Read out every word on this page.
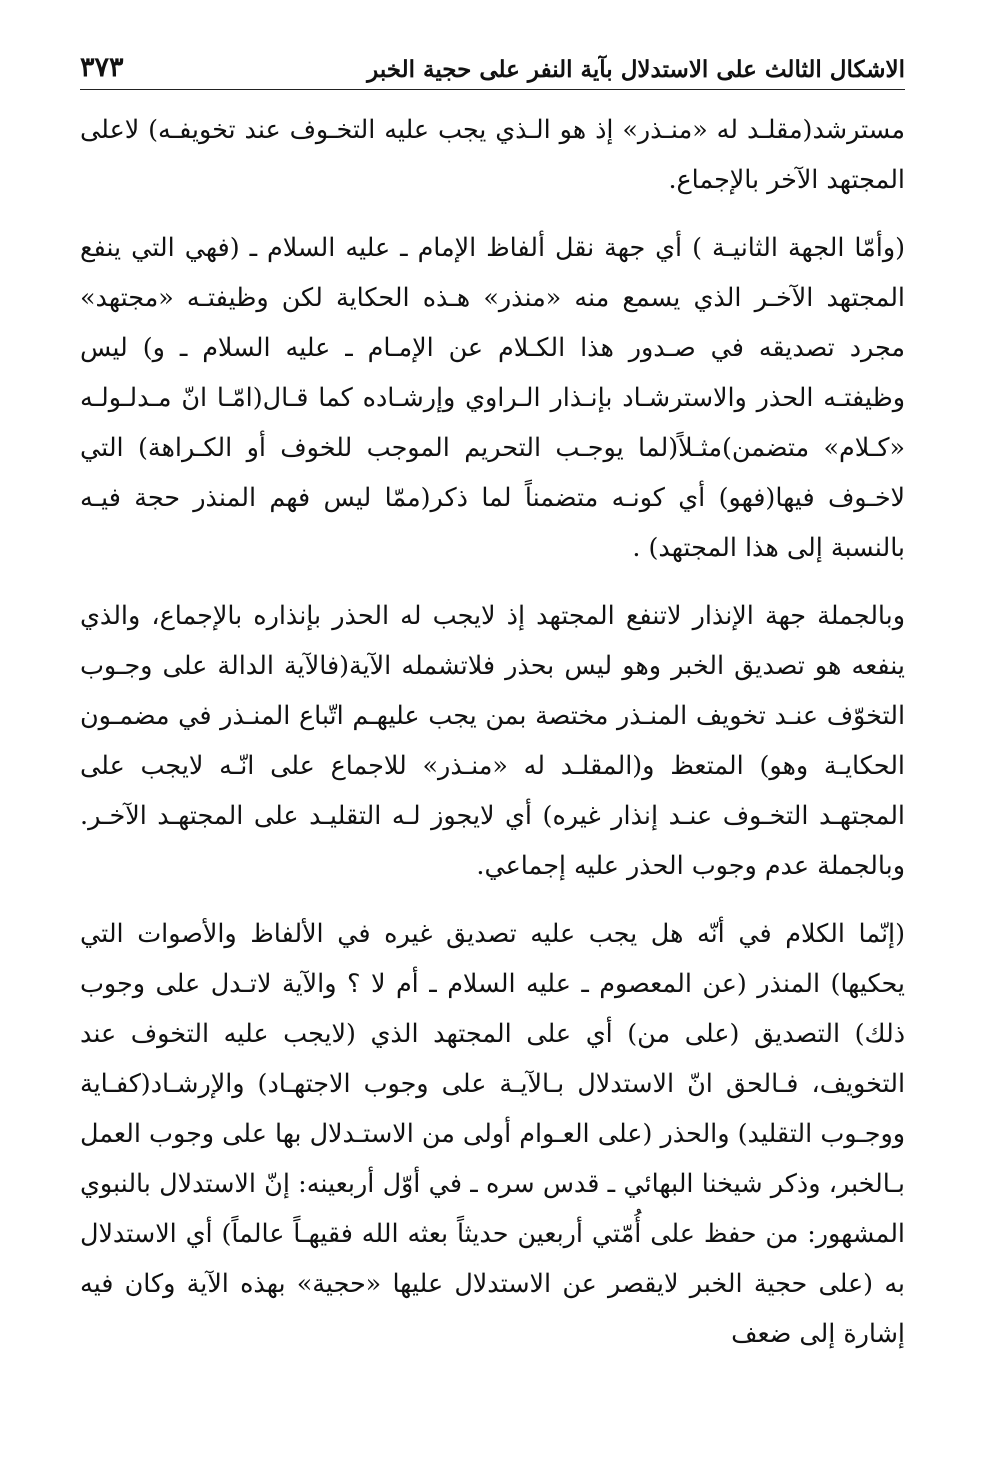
الاشكال الثالث على الاستدلال بآية النفر على حجية الخبر
٣٧٣

مسترشد(مقلـد له «منـذر» إذ هو الـذي يجب عليه التخـوف عند تخويفـه) لاعلى المجتهد الآخر بالإجماع.

(وأمّا الجهة الثانيـة ) أي جهة نقل ألفاظ الإمام ـ عليه السلام ـ (فهي التي ينفع المجتهد الآخـر الذي يسمع منه «منذر» هـذه الحكاية لكن وظيفتـه «مجتهد» مجرد تصديقه في صـدور هذا الكـلام عن الإمـام ـ عليه السلام ـ و) ليس وظيفتـه الحذر والاسترشـاد بإنـذار الـراوي وإرشـاده كما قـال(امّـا انّ مـدلـولـه «كـلام» متضمن)مثـلاً(لما يوجـب التحريم الموجب للخوف أو الكـراهة) التي لاخـوف فيها(فهو) أي كونـه متضمناً لما ذكر(ممّا ليس فهم المنذر حجة فيـه بالنسبة إلى هذا المجتهد) .

وبالجملة جهة الإنذار لاتنفع المجتهد إذ لايجب له الحذر بإنذاره بالإجماع، والذي ينفعه هو تصديق الخبر وهو ليس بحذر فلاتشمله الآية(فالآية الدالة على وجـوب التخوّف عنـد تخويف المنـذر مختصة بمن يجب عليهـم اتّباع المنـذر في مضمـون الحكايـة وهو) المتعظ و(المقلـد له «منـذر» للاجماع على انّـه لايجب على المجتهـد التخـوف عنـد إنذار غيره) أي لايجوز لـه التقليـد على المجتهـد الآخـر. وبالجملة عدم وجوب الحذر عليه إجماعي.

(إنّما الكلام في أنّه هل يجب عليه تصديق غيره في الألفاظ والأصوات التي يحكيها) المنذر (عن المعصوم ـ عليه السلام ـ أم لا ؟ والآية لاتـدل على وجوب ذلك) التصديق (على من) أي على المجتهد الذي (لايجب عليه التخوف عند التخويف، فـالحق انّ الاستدلال بـالآيـة على وجوب الاجتهـاد) والإرشـاد(كفـاية ووجـوب التقليد) والحذر (على العـوام أولى من الاستـدلال بها على وجوب العمل بـالخبر، وذكر شيخنا البهائي ـ قدس سره ـ في أوّل أربعينه: إنّ الاستدلال بالنبوي المشهور: من حفظ على أُمّتي أربعين حديثاً بعثه الله فقيهـاً عالماً) أي الاستدلال به (على حجية الخبر لايقصر عن الاستدلال عليها «حجية» بهذه الآية وكان فيه إشارة إلى ضعف
